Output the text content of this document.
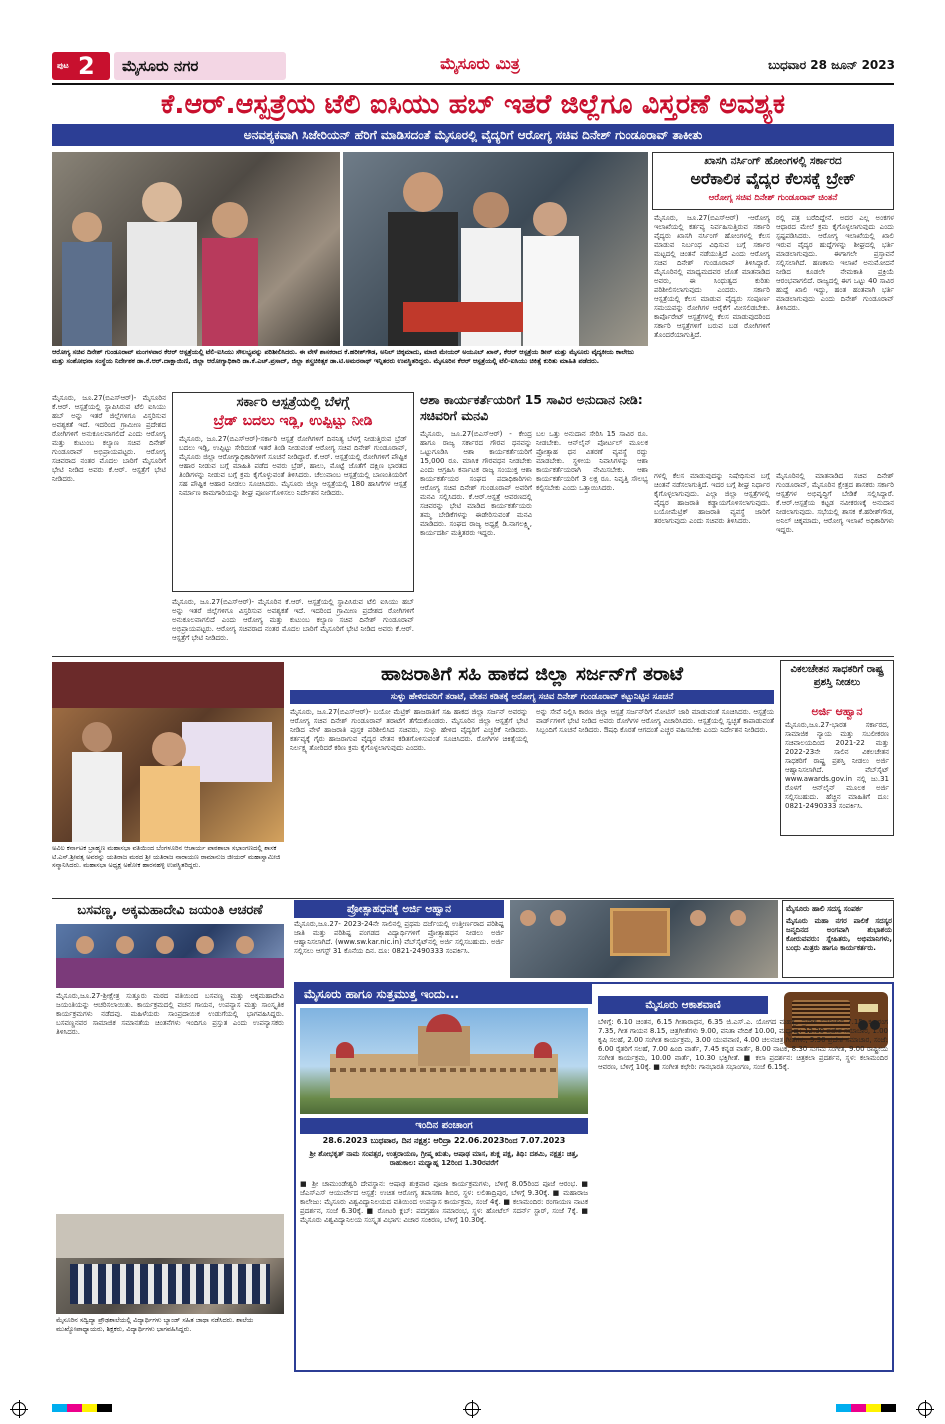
ಪುಟ 2 ಮೈಸೂರು ನಗರ	ಮೈಸೂರು ಮಿತ್ರ	ಬುಧವಾರ 28 ಜೂನ್ 2023
ಕೆ.ಆರ್.ಆಸ್ಪತ್ರೆಯ ಟೆಲಿ ಐಸಿಯು ಹಬ್ ಇತರೆ ಜಿಲ್ಲೆಗೂ ವಿಸ್ತರಣೆ ಅವಶ್ಯಕ
ಅನವಶ್ಯಕವಾಗಿ ಸಿಜೇರಿಯನ್ ಹೆರಿಗೆ ಮಾಡಿಸದಂತೆ ಮೈಸೂರಲ್ಲಿ ವೈದ್ಯರಿಗೆ ಆರೋಗ್ಯ ಸಚಿವ ದಿನೇಶ್ ಗುಂಡೂರಾವ್ ತಾಕೀತು
ಆರೋಗ್ಯ ಸಚಿವ ದಿನೇಶ್ ಗುಂಡೂರಾವ್ ಮಂಗಳವಾರ ಕೆಆರ್ ಆಸ್ಪತ್ರೆಯಲ್ಲಿ ಟೆಲಿ-ಐಸಿಯು ಸೌಲಭ್ಯವನ್ನು ಪರಿಶೀಲಿಸಿದರು. ಈ ವೇಳೆ ಶಾಸಕರಾದ ಕೆ.ಹರೀಶ್‌ಗೌಡ, ಅನಿಲ್ ಚಿಕ್ಕಮಾದು, ಮಾಜಿ ಮೇಯರ್ ಅಯೂಬ್ ಖಾನ್, ಕೆಆರ್ ಆಸ್ಪತ್ರೆಯ ಡೀನ್ ಮತ್ತು ಮೈಸೂರು ವೈದ್ಯಕೀಯ ಕಾಲೇಜು ಮತ್ತು ಸಂಶೋಧನಾ ಸಂಸ್ಥೆಯ ನಿರ್ದೇಶಕ ಡಾ.ಕೆ.ಆರ್.ದಾಕ್ಷಾಯಿಣಿ, ಜಿಲ್ಲಾ ಆರೋಗ್ಯಾಧಿಕಾರಿ ಡಾ.ಕೆ.ಎಚ್.ಪ್ರಸಾದ್, ಜಿಲ್ಲಾ ಶಸ್ತ್ರಚಿಕಿತ್ಸಕ ಡಾ.ಟಿ.ಅಮರನಾಥ್ ಇನ್ನಿತರರು ಉಪಸ್ಥಿತರಿದ್ದರು. ಮೈಸೂರಿನ ಕೆಆರ್ ಆಸ್ಪತ್ರೆಯಲ್ಲಿ ಟೆಲಿ-ಐಸಿಯು ಚಿಕಿತ್ಸೆ ಕುರಿತು ಮಾಹಿತಿ ಪಡೆದರು.
ಖಾಸಗಿ ನರ್ಸಿಂಗ್ ಹೋಂಗಳಲ್ಲಿ ಸರ್ಕಾರದ
ಅರೆಕಾಲಿಕ ವೈದ್ಯರ ಕೆಲಸಕ್ಕೆ ಬ್ರೇಕ್
ಆರೋಗ್ಯ ಸಚಿವ ದಿನೇಶ್ ಗುಂಡೂರಾವ್ ಚಿಂತನೆ
ಮೈಸೂರು, ಜೂ.27(ಬಿಎಸ್‌ಆರ್) -ಆರೋಗ್ಯ ಇಲಾಖೆಯಲ್ಲಿ ಕರ್ತವ್ಯ ನಿರ್ವಹಿಸುತ್ತಿರುವ ಸರ್ಕಾರಿ ವೈದ್ಯರು ಖಾಸಗಿ ನರ್ಸಿಂಗ್ ಹೋಂಗಳಲ್ಲಿ ಕೆಲಸ ಮಾಡುವ ನಿರ್ಬಂಧ ವಿಧಿಸುವ ಬಗ್ಗೆ ಸರ್ಕಾರ ಮಟ್ಟದಲ್ಲಿ ಚಿಂತನೆ ನಡೆಯುತ್ತಿದೆ ಎಂದು ಆರೋಗ್ಯ ಸಚಿವ ದಿನೇಶ್ ಗುಂಡೂರಾವ್ ತಿಳಿಸಿದ್ದಾರೆ. ಮೈಸೂರಿನಲ್ಲಿ ಮಾಧ್ಯಮದವರ ಜೊತೆ ಮಾತನಾಡಿದ ಅವರು, ಈ ಸಿಂಧುತ್ವದ ಕುರಿತು ಪರಿಶೀಲಿಸಲಾಗುವುದು ಎಂದರು. ಸರ್ಕಾರಿ ಆಸ್ಪತ್ರೆಯಲ್ಲಿ ಕೆಲಸ ಮಾಡುವ ವೈದ್ಯರು ಸಂಪೂರ್ಣ ಸಮಯವನ್ನು ರೋಗಿಗಳ ಆರೈಕೆಗೆ ಮೀಸಲಿಡಬೇಕು. ಕಾರ್ಪೊರೇಟ್ ಆಸ್ಪತ್ರೆಗಳಲ್ಲಿ ಕೆಲಸ ಮಾಡುವುದರಿಂದ ಸರ್ಕಾರಿ ಆಸ್ಪತ್ರೆಗಳಿಗೆ ಬರುವ ಬಡ ರೋಗಿಗಳಿಗೆ ತೊಂದರೆಯಾಗುತ್ತಿದೆ.
ರಲ್ಲಿ ಪತ್ರ ಬರೆದಿದ್ದೇನೆ. ಅದರ ಎಲ್ಲ ಅಂಕಗಳ ಆಧಾರದ ಮೇಲೆ ಕ್ರಮ ಕೈಗೊಳ್ಳಲಾಗುವುದು ಎಂದು ಸ್ಪಷ್ಟಪಡಿಸಿದರು. ಆರೋಗ್ಯ ಇಲಾಖೆಯಲ್ಲಿ ಖಾಲಿ ಇರುವ ವೈದ್ಯರ ಹುದ್ದೆಗಳನ್ನು ಶೀಘ್ರದಲ್ಲಿ ಭರ್ತಿ ಮಾಡಲಾಗುವುದು. ಈಗಾಗಲೇ ಪ್ರಸ್ತಾವನೆ ಸಲ್ಲಿಸಲಾಗಿದೆ. ಹಣಕಾಸು ಇಲಾಖೆ ಅನುಮೋದನೆ ನೀಡಿದ ಕೂಡಲೇ ನೇಮಕಾತಿ ಪ್ರಕ್ರಿಯೆ ಆರಂಭವಾಗಲಿದೆ. ರಾಜ್ಯದಲ್ಲಿ ಈಗ ಒಟ್ಟು 40 ಸಾವಿರ ಹುದ್ದೆ ಖಾಲಿ ಇದ್ದು, ಹಂತ ಹಂತವಾಗಿ ಭರ್ತಿ ಮಾಡಲಾಗುವುದು ಎಂದು ದಿನೇಶ್ ಗುಂಡೂರಾವ್ ತಿಳಿಸಿದರು.
ಮೈಸೂರು, ಜೂ.27(ಬಿಎಸ್‌ಆರ್)- ಮೈಸೂರಿನ ಕೆ.ಆರ್. ಆಸ್ಪತ್ರೆಯಲ್ಲಿ ಸ್ಥಾಪಿಸಿರುವ ಟೆಲಿ ಐಸಿಯು ಹಬ್ ಅನ್ನು ಇತರೆ ಜಿಲ್ಲೆಗಳಿಗೂ ವಿಸ್ತರಿಸುವ ಅವಶ್ಯಕತೆ ಇದೆ. ಇದರಿಂದ ಗ್ರಾಮೀಣ ಪ್ರದೇಶದ ರೋಗಿಗಳಿಗೆ ಅನುಕೂಲವಾಗಲಿದೆ ಎಂದು ಆರೋಗ್ಯ ಮತ್ತು ಕುಟುಂಬ ಕಲ್ಯಾಣ ಸಚಿವ ದಿನೇಶ್ ಗುಂಡೂರಾವ್ ಅಭಿಪ್ರಾಯಪಟ್ಟರು. ಆರೋಗ್ಯ ಸಚಿವರಾದ ನಂತರ ಮೊದಲ ಬಾರಿಗೆ ಮೈಸೂರಿಗೆ ಭೇಟಿ ನೀಡಿದ ಅವರು ಕೆ.ಆರ್. ಆಸ್ಪತ್ರೆಗೆ ಭೇಟಿ ನೀಡಿದರು.
ಸರ್ಕಾರಿ ಆಸ್ಪತ್ರೆಯಲ್ಲಿ ಬೆಳಗ್ಗೆ
ಬ್ರೆಡ್ ಬದಲು ಇಡ್ಲಿ, ಉಪ್ಪಿಟ್ಟು ನೀಡಿ
ಮೈಸೂರು, ಜೂ.27(ಬಿಎಸ್‌ಆರ್)-ಸರ್ಕಾರಿ ಆಸ್ಪತ್ರೆ ರೋಗಿಗಳಿಗೆ ದಿನನಿತ್ಯ ಬೆಳಗ್ಗೆ ನೀಡುತ್ತಿರುವ ಬ್ರೆಡ್ ಬದಲು ಇಡ್ಲಿ, ಉಪ್ಪಿಟ್ಟು ಸೇರಿದಂತೆ ಇತರೆ ತಿಂಡಿ ನೀಡುವಂತೆ ಆರೋಗ್ಯ ಸಚಿವ ದಿನೇಶ್ ಗುಂಡೂರಾವ್, ಮೈಸೂರು ಜಿಲ್ಲಾ ಆರೋಗ್ಯಾಧಿಕಾರಿಗಳಿಗೆ ಸೂಚನೆ ನೀಡಿದ್ದಾರೆ. ಕೆ.ಆರ್. ಆಸ್ಪತ್ರೆಯಲ್ಲಿ ರೋಗಿಗಳಿಗೆ ಪೌಷ್ಟಿಕ ಆಹಾರ ನೀಡುವ ಬಗ್ಗೆ ಮಾಹಿತಿ ಪಡೆದ ಅವರು ಬ್ರೆಡ್, ಹಾಲು, ಮೊಟ್ಟೆ ಜೊತೆಗೆ ದಕ್ಷಿಣ ಭಾರತದ ತಿಂಡಿಗಳನ್ನು ನೀಡುವ ಬಗ್ಗೆ ಕ್ರಮ ಕೈಗೊಳ್ಳುವಂತೆ ತಿಳಿಸಿದರು. ಚೆಲುವಾಂಬ ಆಸ್ಪತ್ರೆಯಲ್ಲಿ ಬಾಣಂತಿಯರಿಗೆ ಸಹ ಪೌಷ್ಟಿಕ ಆಹಾರ ನೀಡಲು ಸೂಚಿಸಿದರು. ಮೈಸೂರು ಜಿಲ್ಲಾ ಆಸ್ಪತ್ರೆಯಲ್ಲಿ 180 ಹಾಸಿಗೆಗಳ ಆಸ್ಪತ್ರೆ ನಿರ್ಮಾಣ ಕಾಮಗಾರಿಯನ್ನು ಶೀಘ್ರ ಪೂರ್ಣಗೊಳಿಸಲು ನಿರ್ದೇಶನ ನೀಡಿದರು.
ಆಶಾ ಕಾರ್ಯಕರ್ತೆಯರಿಗೆ 15 ಸಾವಿರ ಅನುದಾನ ನೀಡಿ: ಸಚಿವರಿಗೆ ಮನವಿ
ಮೈಸೂರು, ಜೂ.27(ಬಿಎಸ್‌ಆರ್) - ಕೇಂದ್ರ ಹಾಗೂ ರಾಜ್ಯ ಸರ್ಕಾರದ ಗೌರವ ಧನವನ್ನು ಒಟ್ಟುಗೂಡಿಸಿ ಆಶಾ ಕಾರ್ಯಕರ್ತೆಯರಿಗೆ 15,000 ರೂ. ಮಾಸಿಕ ಗೌರವಧನ ನೀಡಬೇಕು ಎಂದು ಆಗ್ರಹಿಸಿ ಕರ್ನಾಟಕ ರಾಜ್ಯ ಸಂಯುಕ್ತ ಆಶಾ ಕಾರ್ಯಕರ್ತೆಯರ ಸಂಘದ ಪದಾಧಿಕಾರಿಗಳು ಆರೋಗ್ಯ ಸಚಿವ ದಿನೇಶ್ ಗುಂಡೂರಾವ್ ಅವರಿಗೆ ಮನವಿ ಸಲ್ಲಿಸಿದರು. ಕೆ.ಆರ್.ಆಸ್ಪತ್ರೆ ಆವರಣದಲ್ಲಿ ಸಚಿವರನ್ನು ಭೇಟಿ ಮಾಡಿದ ಕಾರ್ಯಕರ್ತೆಯರು ತಮ್ಮ ಬೇಡಿಕೆಗಳನ್ನು ಈಡೇರಿಸುವಂತೆ ಮನವಿ ಮಾಡಿದರು. ಸಂಘದ ರಾಜ್ಯ ಅಧ್ಯಕ್ಷೆ ಡಿ.ನಾಗಲಕ್ಷ್ಮಿ, ಕಾರ್ಯದರ್ಶಿ ಮತ್ತಿತರರು ಇದ್ದರು.
ಬಲ ಒತ್ತು ಅನುದಾನ ಸೇರಿಸಿ 15 ಸಾವಿರ ರೂ. ನೀಡಬೇಕು. ಆನ್‌ಲೈನ್ ಪೋರ್ಟಲ್ ಮೂಲಕ ಪ್ರೋತ್ಸಾಹ ಧನ ವಿತರಣೆ ವ್ಯವಸ್ಥೆ ರದ್ದು ಮಾಡಬೇಕು. ಸ್ಥಳೀಯ ನಿವಾಸಿಗಳನ್ನು ಆಶಾ ಕಾರ್ಯಕರ್ತೆಯರಾಗಿ ನೇಮಿಸಬೇಕು. ಆಶಾ ಕಾರ್ಯಕರ್ತೆಯರಿಗೆ 3 ಲಕ್ಷ ರೂ. ನಿವೃತ್ತಿ ಸೌಲಭ್ಯ ಕಲ್ಪಿಸಬೇಕು ಎಂದು ಒತ್ತಾಯಿಸಿದರು.
ಗಳಲ್ಲಿ ಕೆಲಸ ಮಾಡುವುದನ್ನು ನಿಷೇಧಿಸುವ ಬಗ್ಗೆ ಚಿಂತನೆ ನಡೆಸಲಾಗುತ್ತಿದೆ. ಇದರ ಬಗ್ಗೆ ಶೀಘ್ರ ನಿರ್ಧಾರ ಕೈಗೊಳ್ಳಲಾಗುವುದು. ಎಲ್ಲಾ ಜಿಲ್ಲಾ ಆಸ್ಪತ್ರೆಗಳಲ್ಲಿ ವೈದ್ಯರ ಹಾಜರಾತಿ ಕಡ್ಡಾಯಗೊಳಿಸಲಾಗುವುದು. ಬಯೋಮೆಟ್ರಿಕ್ ಹಾಜರಾತಿ ವ್ಯವಸ್ಥೆ ಜಾರಿಗೆ ತರಲಾಗುವುದು ಎಂದು ಸಚಿವರು ತಿಳಿಸಿದರು.
ಮೈಸೂರಿನಲ್ಲಿ ಮಾತನಾಡಿದ ಸಚಿವ ದಿನೇಶ್ ಗುಂಡೂರಾವ್, ಮೈಸೂರಿನ ಕ್ಷೇತ್ರದ ಶಾಸಕರು ಸರ್ಕಾರಿ ಆಸ್ಪತ್ರೆಗಳ ಅಭಿವೃದ್ಧಿಗೆ ಬೇಡಿಕೆ ಸಲ್ಲಿಸಿದ್ದಾರೆ. ಕೆ.ಆರ್.ಆಸ್ಪತ್ರೆಯ ಕಟ್ಟಡ ನವೀಕರಣಕ್ಕೆ ಅನುದಾನ ನೀಡಲಾಗುವುದು. ಸಭೆಯಲ್ಲಿ ಶಾಸಕ ಕೆ.ಹರೀಶ್‌ಗೌಡ, ಅನಿಲ್ ಚಿಕ್ಕಮಾದು, ಆರೋಗ್ಯ ಇಲಾಖೆ ಅಧಿಕಾರಿಗಳು ಇದ್ದರು.
ಮೈಸೂರು, ಜೂ.27(ಬಿಎಸ್‌ಆರ್)- ಮೈಸೂರಿನ ಕೆ.ಆರ್. ಆಸ್ಪತ್ರೆಯಲ್ಲಿ ಸ್ಥಾಪಿಸಿರುವ ಟೆಲಿ ಐಸಿಯು ಹಬ್ ಅನ್ನು ಇತರೆ ಜಿಲ್ಲೆಗಳಿಗೂ ವಿಸ್ತರಿಸುವ ಅವಶ್ಯಕತೆ ಇದೆ. ಇದರಿಂದ ಗ್ರಾಮೀಣ ಪ್ರದೇಶದ ರೋಗಿಗಳಿಗೆ ಅನುಕೂಲವಾಗಲಿದೆ ಎಂದು ಆರೋಗ್ಯ ಮತ್ತು ಕುಟುಂಬ ಕಲ್ಯಾಣ ಸಚಿವ ದಿನೇಶ್ ಗುಂಡೂರಾವ್ ಅಭಿಪ್ರಾಯಪಟ್ಟರು. ಆರೋಗ್ಯ ಸಚಿವರಾದ ನಂತರ ಮೊದಲ ಬಾರಿಗೆ ಮೈಸೂರಿಗೆ ಭೇಟಿ ನೀಡಿದ ಅವರು ಕೆ.ಆರ್. ಆಸ್ಪತ್ರೆಗೆ ಭೇಟಿ ನೀಡಿದರು.
ಅವಿಲ ಕರ್ನಾಟಕ ಬ್ರಾಹ್ಮಣ ಮಹಾಸಭಾ ವತಿಯಿಂದ ಬೆಂಗಳೂರಿನ ಆಚಾರ್ಯ ಪಾಠಶಾಲಾ ಸಭಾಂಗಣದಲ್ಲಿ ಶಾಸಕ ಟಿ.ಎಸ್.ಶ್ರೀವತ್ಸ ಅವರನ್ನು ಯತಿರಾಜ ಮಠದ ಶ್ರೀ ಯತಿರಾಜ ನಾರಾಯಣ ರಾಮಾನುಜ ಜೀಯರ್ ಮಹಾಸ್ವಾಮೀಜಿ ಸನ್ಮಾನಿಸಿದರು. ಮಹಾಸಭಾ ಅಧ್ಯಕ್ಷ ಅಶೋಕ ಹಾರನಹಳ್ಳಿ ಉಪಸ್ಥಿತರಿದ್ದರು.
ಹಾಜರಾತಿಗೆ ಸಹಿ ಹಾಕದ ಜಿಲ್ಲಾ ಸರ್ಜನ್‌ಗೆ ತರಾಟೆ
ಸುಳ್ಳು ಹೇಳಿದವರಿಗೆ ತರಾಟೆ, ವೇತನ ಕಡಿತಕ್ಕೆ ಆರೋಗ್ಯ ಸಚಿವ ದಿನೇಶ್ ಗುಂಡೂರಾವ್ ಕಟ್ಟುನಿಟ್ಟಿನ ಸೂಚನೆ
ಮೈಸೂರು, ಜೂ.27(ಬಿಎಸ್‌ಆರ್)- ಬಯೋ ಮೆಟ್ರಿಕ್ ಹಾಜರಾತಿಗೆ ಸಹಿ ಹಾಕದ ಜಿಲ್ಲಾ ಸರ್ಜನ್ ಅವರನ್ನು ಆರೋಗ್ಯ ಸಚಿವ ದಿನೇಶ್ ಗುಂಡೂರಾವ್ ತರಾಟೆಗೆ ತೆಗೆದುಕೊಂಡರು. ಮೈಸೂರಿನ ಜಿಲ್ಲಾ ಆಸ್ಪತ್ರೆಗೆ ಭೇಟಿ ನೀಡಿದ ವೇಳೆ ಹಾಜರಾತಿ ಪುಸ್ತಕ ಪರಿಶೀಲಿಸಿದ ಸಚಿವರು, ಸುಳ್ಳು ಹೇಳಿದ ವೈದ್ಯರಿಗೆ ಎಚ್ಚರಿಕೆ ನೀಡಿದರು. ಕರ್ತವ್ಯಕ್ಕೆ ಗೈರು ಹಾಜರಾಗುವ ವೈದ್ಯರ ವೇತನ ಕಡಿತಗೊಳಿಸುವಂತೆ ಸೂಚಿಸಿದರು. ರೋಗಿಗಳ ಚಿಕಿತ್ಸೆಯಲ್ಲಿ ನಿರ್ಲಕ್ಷ್ಯ ತೋರಿದರೆ ಕಠಿಣ ಕ್ರಮ ಕೈಗೊಳ್ಳಲಾಗುವುದು ಎಂದರು.
ಅನ್ನು ಸೇವೆ ನಿಲ್ಲಿಸಿ ಕಾರಣ ಜಿಲ್ಲಾ ಆಸ್ಪತ್ರೆ ಸರ್ಜನ್‌ರಿಗೆ ನೋಟಿಸ್ ಜಾರಿ ಮಾಡುವಂತೆ ಸೂಚಿಸಿದರು. ಆಸ್ಪತ್ರೆಯ ವಾರ್ಡ್‌ಗಳಿಗೆ ಭೇಟಿ ನೀಡಿದ ಅವರು ರೋಗಿಗಳ ಆರೋಗ್ಯ ವಿಚಾರಿಸಿದರು. ಆಸ್ಪತ್ರೆಯಲ್ಲಿ ಸ್ವಚ್ಛತೆ ಕಾಪಾಡುವಂತೆ ಸಿಬ್ಬಂದಿಗೆ ಸೂಚನೆ ನೀಡಿದರು. ಔಷಧಿ ಕೊರತೆ ಆಗದಂತೆ ಎಚ್ಚರ ವಹಿಸಬೇಕು ಎಂದು ನಿರ್ದೇಶನ ನೀಡಿದರು.
ವಿಕಲಚೇತನ ಸಾಧಕರಿಗೆ ರಾಷ್ಟ್ರ ಪ್ರಶಸ್ತಿ ನೀಡಲು
ಅರ್ಜಿ ಆಹ್ವಾನ
ಮೈಸೂರು,ಜೂ.27-ಭಾರತ ಸರ್ಕಾರದ, ಸಾಮಾಜಿಕ ನ್ಯಾಯ ಮತ್ತು ಸಬಲೀಕರಣ ಸಚಿವಾಲಯದಿಂದ 2021-22 ಮತ್ತು 2022-23ನೇ ಸಾಲಿನ ವಿಕಲಚೇತನ ಸಾಧಕರಿಗೆ ರಾಷ್ಟ್ರ ಪ್ರಶಸ್ತಿ ನೀಡಲು ಅರ್ಜಿ ಆಹ್ವಾನಿಸಲಾಗಿದೆ. ವೆಬ್‌ಸೈಟ್ www.awards.gov.in ನಲ್ಲಿ ಜು.31 ರೊಳಗೆ ಆನ್‌ಲೈನ್ ಮೂಲಕ ಅರ್ಜಿ ಸಲ್ಲಿಸಬಹುದು. ಹೆಚ್ಚಿನ ಮಾಹಿತಿಗೆ ದೂ: 0821-2490333 ಸಂಪರ್ಕಿಸಿ.
ಬಸವಣ್ಣ, ಅಕ್ಕಮಹಾದೇವಿ ಜಯಂತಿ ಆಚರಣೆ
ಮೈಸೂರು,ಜೂ.27-ಶ್ರೀಕ್ಷೇತ್ರ ಸುತ್ತೂರು ಮಠದ ವತಿಯಿಂದ ಬಸವಣ್ಣ ಮತ್ತು ಅಕ್ಕಮಹಾದೇವಿ ಜಯಂತಿಯನ್ನು ಆಚರಿಸಲಾಯಿತು. ಕಾರ್ಯಕ್ರಮದಲ್ಲಿ ವಚನ ಗಾಯನ, ಉಪನ್ಯಾಸ ಮತ್ತು ಸಾಂಸ್ಕೃತಿಕ ಕಾರ್ಯಕ್ರಮಗಳು ನಡೆದವು. ಮಹಿಳೆಯರು ಸಾಂಪ್ರದಾಯಿಕ ಉಡುಗೆಯಲ್ಲಿ ಭಾಗವಹಿಸಿದ್ದರು. ಬಸವಣ್ಣನವರ ಸಾಮಾಜಿಕ ಸಮಾನತೆಯ ಚಿಂತನೆಗಳು ಇಂದಿಗೂ ಪ್ರಸ್ತುತ ಎಂದು ಉಪನ್ಯಾಸಕರು ತಿಳಿಸಿದರು.
ಮೈಸೂರಿನ ಸದ್ವಿದ್ಯಾ ಪ್ರೌಢಶಾಲೆಯಲ್ಲಿ ವಿದ್ಯಾರ್ಥಿಗಳು ಬ್ಯಾಂಡ್ ಸಹಿತ ಜಾಥಾ ನಡೆಸಿದರು. ಶಾಲೆಯ ಮುಖ್ಯೋಪಾಧ್ಯಾಯರು, ಶಿಕ್ಷಕರು, ವಿದ್ಯಾರ್ಥಿಗಳು ಭಾಗವಹಿಸಿದ್ದರು.
ಪ್ರೋತ್ಸಾಹಧನಕ್ಕೆ ಅರ್ಜಿ ಆಹ್ವಾನ
ಮೈಸೂರು,ಜೂ.27- 2023-24ನೇ ಸಾಲಿನಲ್ಲಿ ಪ್ರಥಮ ದರ್ಜೆಯಲ್ಲಿ ಉತ್ತೀರ್ಣರಾದ ಪರಿಶಿಷ್ಟ ಜಾತಿ ಮತ್ತು ಪರಿಶಿಷ್ಟ ಪಂಗಡದ ವಿದ್ಯಾರ್ಥಿಗಳಿಗೆ ಪ್ರೋತ್ಸಾಹಧನ ನೀಡಲು ಅರ್ಜಿ ಆಹ್ವಾನಿಸಲಾಗಿದೆ. (www.sw.kar.nic.in) ವೆಬ್‌ಸೈಟ್‌ನಲ್ಲಿ ಅರ್ಜಿ ಸಲ್ಲಿಸಬಹುದು. ಅರ್ಜಿ ಸಲ್ಲಿಸಲು ಆಗಸ್ಟ್ 31 ಕೊನೆಯ ದಿನ. ದೂ: 0821-2490333 ಸಂಪರ್ಕಿಸಿ.
ಮೈಸೂರು ಹಾಲಿ ಸದಸ್ಯ ಸಂಪರ್ಕ
ಮೈಸೂರು ಮಹಾ ನಗರ ಪಾಲಿಕೆ ಸದಸ್ಯರ ಜನ್ಮದಿನದ ಅಂಗವಾಗಿ ಶುಭಾಶಯ ಕೋರುವವರು: ಸ್ನೇಹಿತರು, ಅಭಿಮಾನಿಗಳು, ಬಂಧು ಮಿತ್ರರು ಹಾಗೂ ಕಾರ್ಯಕರ್ತರು.
ಮೈಸೂರು ಹಾಗೂ ಸುತ್ತಮುತ್ತ ಇಂದು...
ಇಂದಿನ ಪಂಚಾಂಗ
28.6.2023 ಬುಧವಾರ, ದಿನ ನಕ್ಷತ್ರ: ಆರಿದ್ರಾ 22.06.2023ರಿಂದ 7.07.2023
ಶ್ರೀ ಶೋಭಕೃತ್ ನಾಮ ಸಂವತ್ಸರ, ಉತ್ತರಾಯಣ, ಗ್ರೀಷ್ಮ ಋತು, ಆಷಾಢ ಮಾಸ, ಶುಕ್ಲ ಪಕ್ಷ, ತಿಥಿ: ದಶಮಿ, ನಕ್ಷತ್ರ: ಚಿತ್ತ, ರಾಹುಕಾಲ: ಮಧ್ಯಾಹ್ನ 12ರಿಂದ 1.30ರವರೆಗೆ
■ ಶ್ರೀ ಚಾಮುಂಡೇಶ್ವರಿ ದೇವಸ್ಥಾನ: ಆಷಾಢ ಶುಕ್ರವಾರ ಪೂಜಾ ಕಾರ್ಯಕ್ರಮಗಳು, ಬೆಳಿಗ್ಗೆ 8.05ರಿಂದ ಪೂಜೆ ಆರಂಭ. ■ ಜೆಎಸ್‌ಎಸ್ ಆಯುರ್ವೇದ ಆಸ್ಪತ್ರೆ: ಉಚಿತ ಆರೋಗ್ಯ ತಪಾಸಣಾ ಶಿಬಿರ, ಸ್ಥಳ: ಲಲಿತಾದ್ರಿಪುರ, ಬೆಳಿಗ್ಗೆ 9.30ಕ್ಕೆ. ■ ಮಹಾರಾಜ ಕಾಲೇಜು: ಮೈಸೂರು ವಿಶ್ವವಿದ್ಯಾನಿಲಯದ ವತಿಯಿಂದ ಉಪನ್ಯಾಸ ಕಾರ್ಯಕ್ರಮ, ಸಂಜೆ 4ಕ್ಕೆ. ■ ಕಲಾಮಂದಿರ: ರಂಗಾಯಣ ನಾಟಕ ಪ್ರದರ್ಶನ, ಸಂಜೆ 6.30ಕ್ಕೆ. ■ ರೋಟರಿ ಕ್ಲಬ್: ಪದಗ್ರಹಣ ಸಮಾರಂಭ, ಸ್ಥಳ: ಹೋಟೆಲ್ ಸದರ್ನ್ ಸ್ಟಾರ್, ಸಂಜೆ 7ಕ್ಕೆ. ■ ಮೈಸೂರು ವಿಶ್ವವಿದ್ಯಾನಿಲಯ ಸಂಸ್ಕೃತ ವಿಭಾಗ: ವಿಚಾರ ಸಂಕಿರಣ, ಬೆಳಿಗ್ಗೆ 10.30ಕ್ಕೆ.
ಮೈಸೂರು ಆಕಾಶವಾಣಿ
ಬೆಳಿಗ್ಗೆ: 6.10 ಚಿಂತನ, 6.15 ಗೀತಾರಾಧನ, 6.35 ಜಿ.ಎಸ್.ಎ. ಯೋಗದ ಮಹತ್ವ, ಪ್ರದೇಶ ಸಮಾಚಾರ 7.15, ಕೃಷಿರಂಗ 7.35, ಗೀತ ಗಾಯನ 8.15, ಚಿತ್ರಗೀತೆಗಳು 9.00, ವನಿತಾ ವೇದಿಕೆ 10.00, ಮಧ್ಯಾಹ್ನ: 12.30 ಪ್ರದೇಶ ಸಮಾಚಾರ, 1.00 ಕೃಷಿ ಸಲಹೆ, 2.00 ಸಂಗೀತ ಕಾರ್ಯಕ್ರಮ, 3.00 ಯುವವಾಣಿ, 4.00 ಚಲನಚಿತ್ರ ಗೀತೆಗಳು, 5.30 ಪ್ರದೇಶ ಸಮಾಚಾರ, ಸಂಜೆ: 6.00 ರೈತರಿಗೆ ಸಲಹೆ, 7.00 ಹಿಂದಿ ವಾರ್ತೆ, 7.45 ಕನ್ನಡ ವಾರ್ತೆ, 8.00 ನಾಟಕ, 8.30 ಸುಗಮ ಸಂಗೀತ, 9.00 ರಾಷ್ಟ್ರೀಯ ಸಂಗೀತ ಕಾರ್ಯಕ್ರಮ, 10.00 ವಾರ್ತೆ, 10.30 ಭಕ್ತಿಗೀತೆ. ■ ಕಲಾ ಪ್ರದರ್ಶನ: ಚಿತ್ರಕಲಾ ಪ್ರದರ್ಶನ, ಸ್ಥಳ: ಕಲಾಮಂದಿರ ಆವರಣ, ಬೆಳಿಗ್ಗೆ 10ಕ್ಕೆ. ■ ಸಂಗೀತ ಕಛೇರಿ: ಗಾನಭಾರತಿ ಸಭಾಂಗಣ, ಸಂಜೆ 6.15ಕ್ಕೆ.
